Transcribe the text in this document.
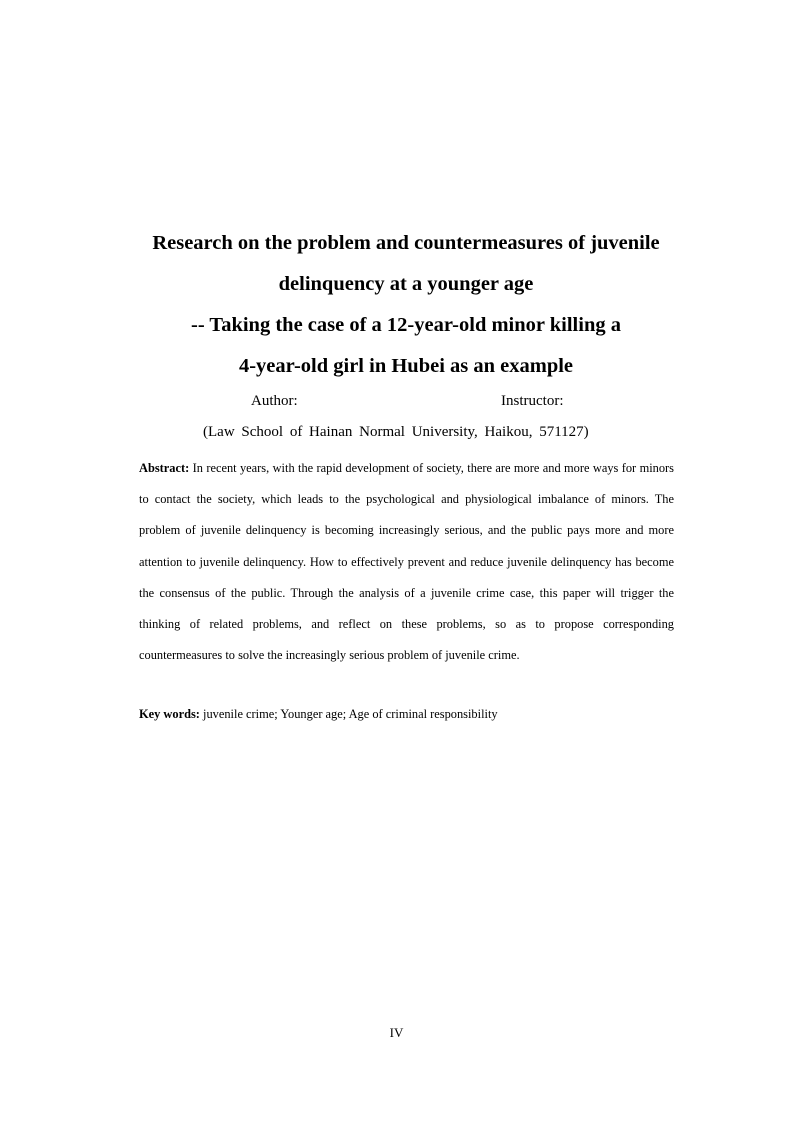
Research on the problem and countermeasures of juvenile

delinquency at a younger age

-- Taking the case of a 12-year-old minor killing a

4-year-old girl in Hubei as an example

Author:	Instructor:
(Law School of Hainan Normal University, Haikou, 571127)

Abstract: In recent years, with the rapid development of society, there are more and more ways for minors to contact the society, which leads to the psychological and physiological imbalance of minors. The problem of juvenile delinquency is becoming increasingly serious, and the public pays more and more attention to juvenile delinquency. How to effectively prevent and reduce juvenile delinquency has become the consensus of the public. Through the analysis of a juvenile crime case, this paper will trigger the thinking of related problems, and reflect on these problems, so as to propose corresponding countermeasures to solve the increasingly serious problem of juvenile crime.

Key words: juvenile crime; Younger age; Age of criminal responsibility

IV
